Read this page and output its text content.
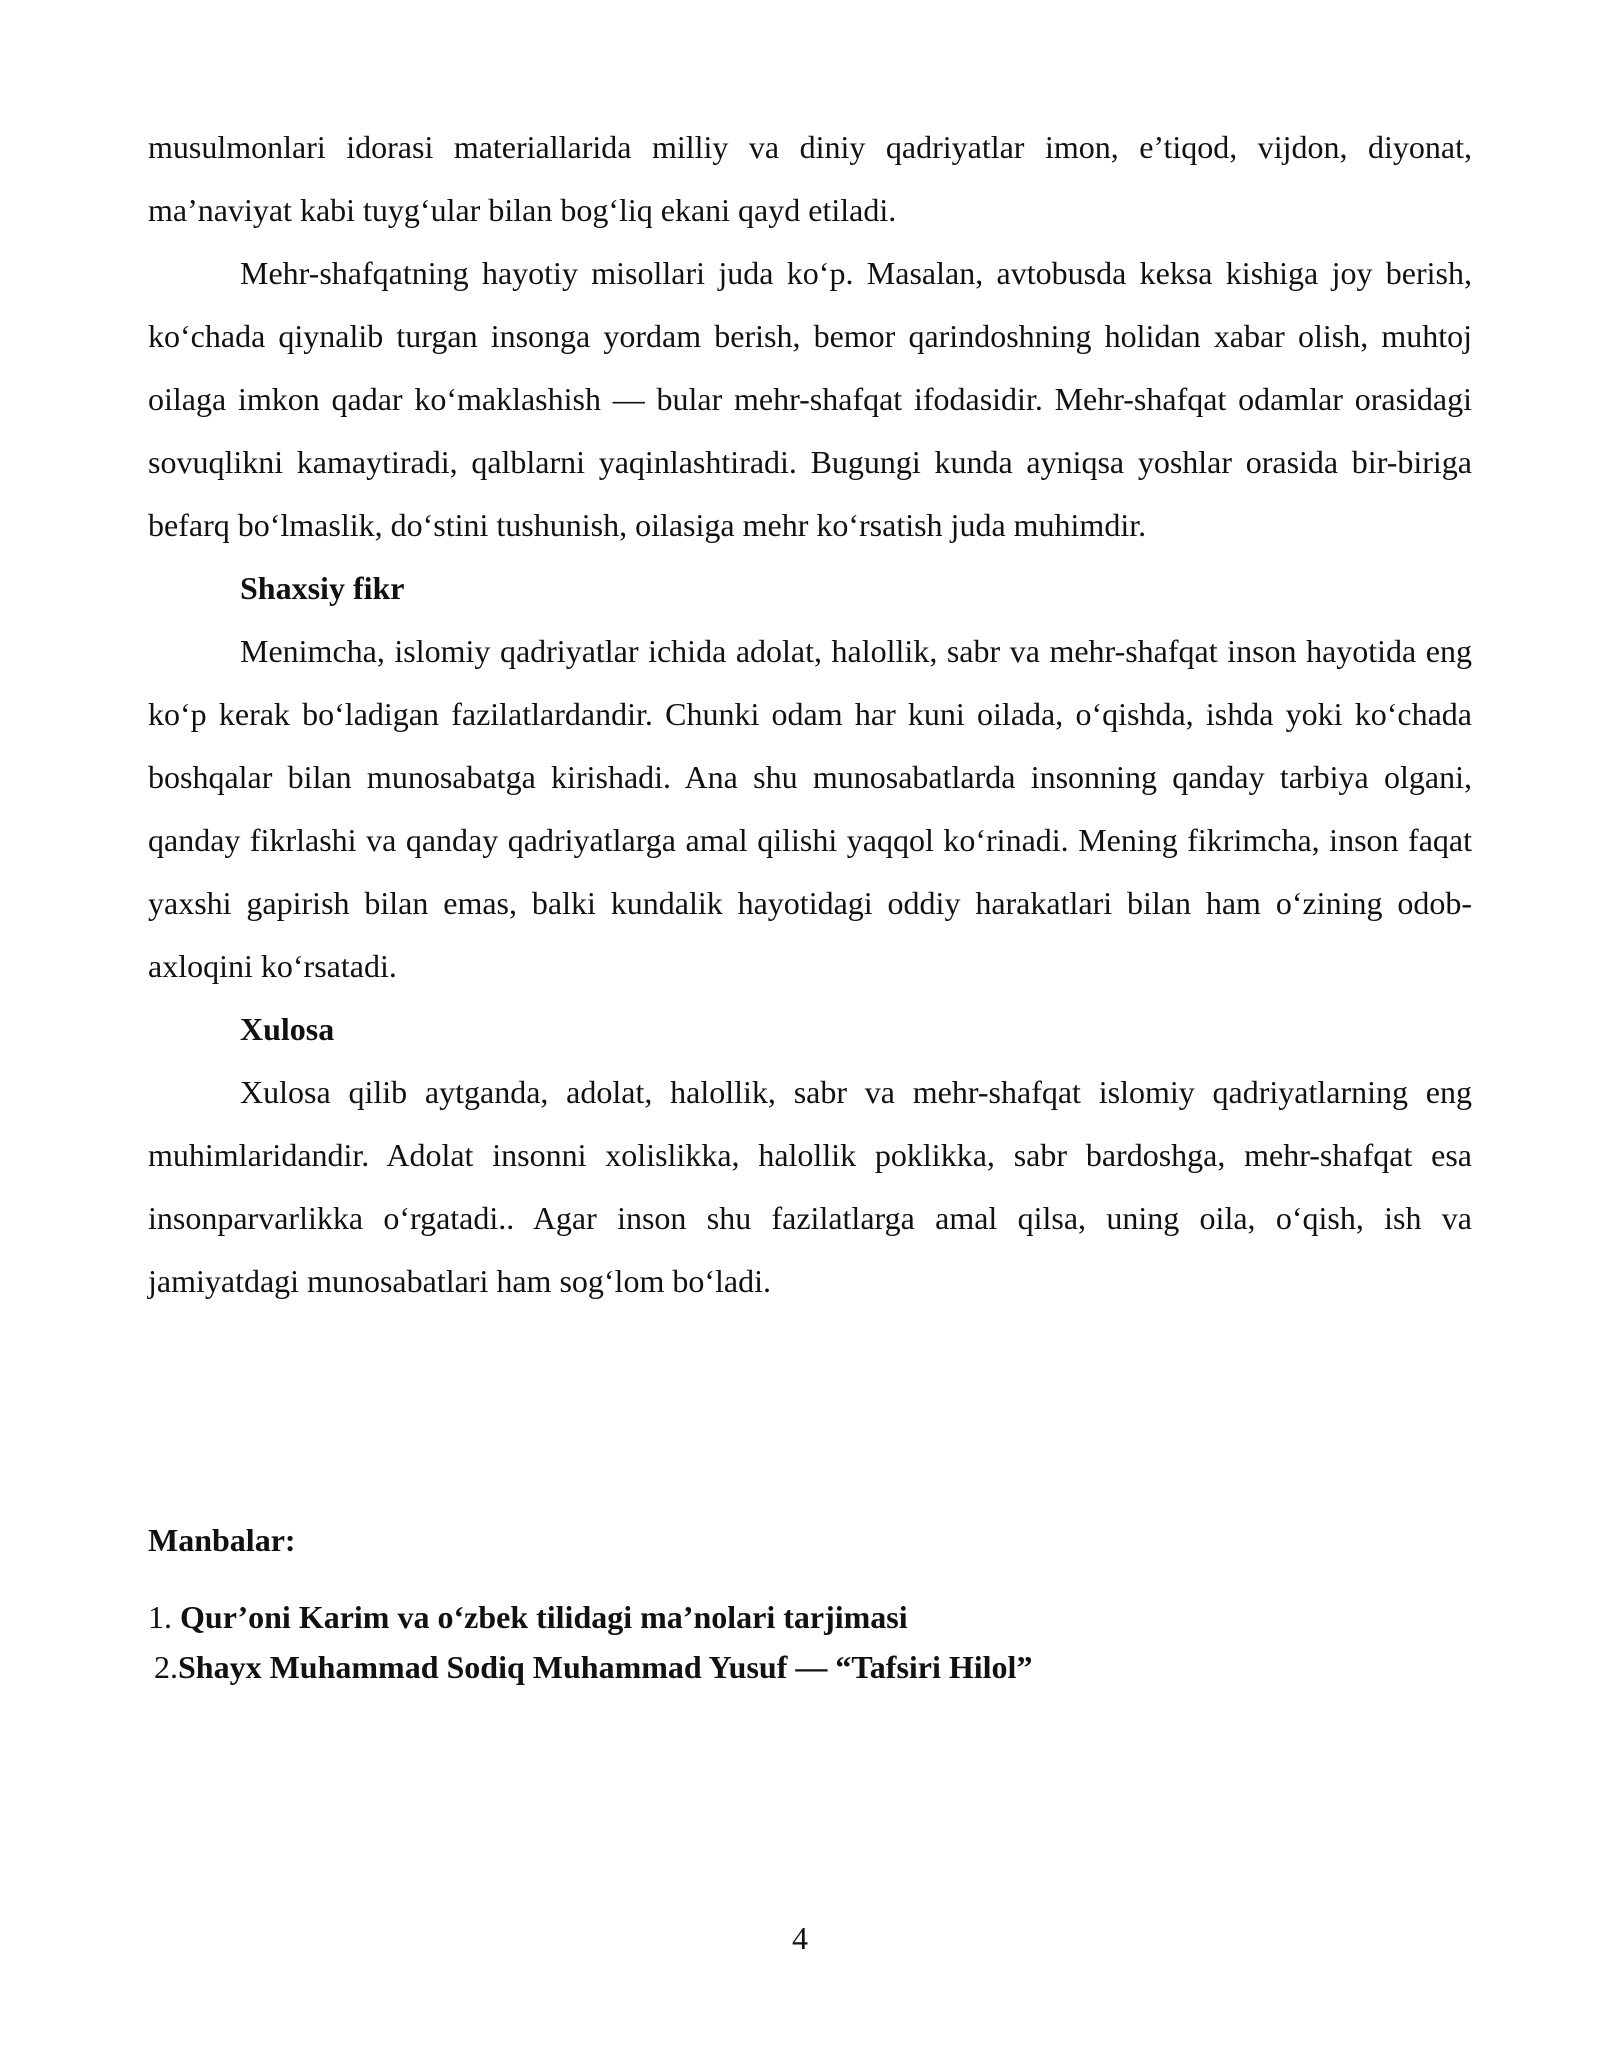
musulmonlari idorasi materiallarida milliy va diniy qadriyatlar imon, e’tiqod, vijdon, diyonat, ma’naviyat kabi tuygʻular bilan bogʻliq ekani qayd etiladi.

Mehr-shafqatning hayotiy misollari juda koʻp. Masalan, avtobusda keksa kishiga joy berish, koʻchada qiynalib turgan insonga yordam berish, bemor qarindoshning holidan xabar olish, muhtoj oilaga imkon qadar koʻmaklashish — bular mehr-shafqat ifodasidir. Mehr-shafqat odamlar orasidagi sovuqlikni kamaytiradi, qalblarni yaqinlashtiradi. Bugungi kunda ayniqsa yoshlar orasida bir-biriga befarq boʻlmaslik, doʻstini tushunish, oilasiga mehr koʻrsatish juda muhimdir.

Shaxsiy fikr

Menimcha, islomiy qadriyatlar ichida adolat, halollik, sabr va mehr-shafqat inson hayotida eng koʻp kerak boʻladigan fazilatlardandir. Chunki odam har kuni oilada, oʻqishda, ishda yoki koʻchada boshqalar bilan munosabatga kirishadi. Ana shu munosabatlarda insonning qanday tarbiya olgani, qanday fikrlashi va qanday qadriyatlarga amal qilishi yaqqol koʻrinadi. Mening fikrimcha, inson faqat yaxshi gapirish bilan emas, balki kundalik hayotidagi oddiy harakatlari bilan ham oʻzining odob-axloqini koʻrsatadi.

Xulosa

Xulosa qilib aytganda, adolat, halollik, sabr va mehr-shafqat islomiy qadriyatlarning eng muhimlaridandir. Adolat insonni xolislikka, halollik poklikka, sabr bardoshga, mehr-shafqat esa insonparvarlikka oʻrgatadi.. Agar inson shu fazilatlarga amal qilsa, uning oila, oʻqish, ish va jamiyatdagi munosabatlari ham sogʻlom boʻladi.

Manbalar:

1. Qur’oni Karim va oʻzbek tilidagi ma’nolari tarjimasi
2.Shayx Muhammad Sodiq Muhammad Yusuf — “Tafsiri Hilol”
4
